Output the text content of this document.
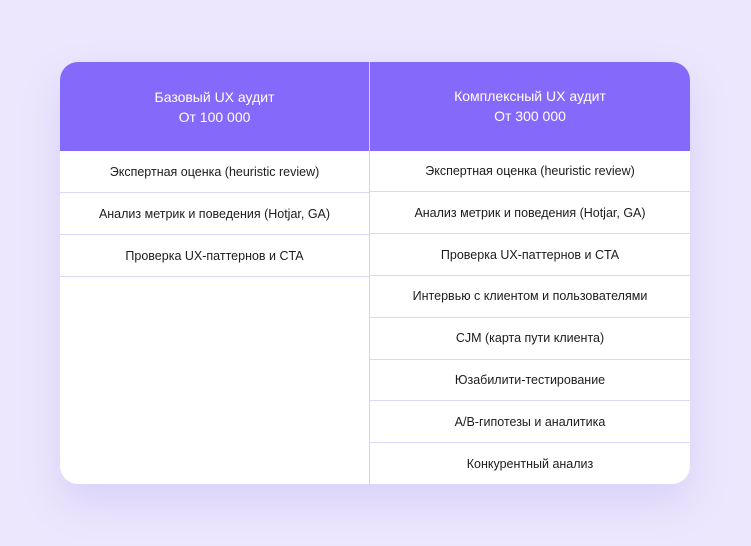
Базовый UX аудит
От 100 000
Экспертная оценка (heuristic review)
Анализ метрик и поведения (Hotjar, GA)
Проверка UX-паттернов и CTA
Комплексный UX аудит
От 300 000
Экспертная оценка (heuristic review)
Анализ метрик и поведения (Hotjar, GA)
Проверка UX-паттернов и CTA
Интервью с клиентом и пользователями
CJM (карта пути клиента)
Юзабилити-тестирование
A/B-гипотезы и аналитика
Конкурентный анализ
